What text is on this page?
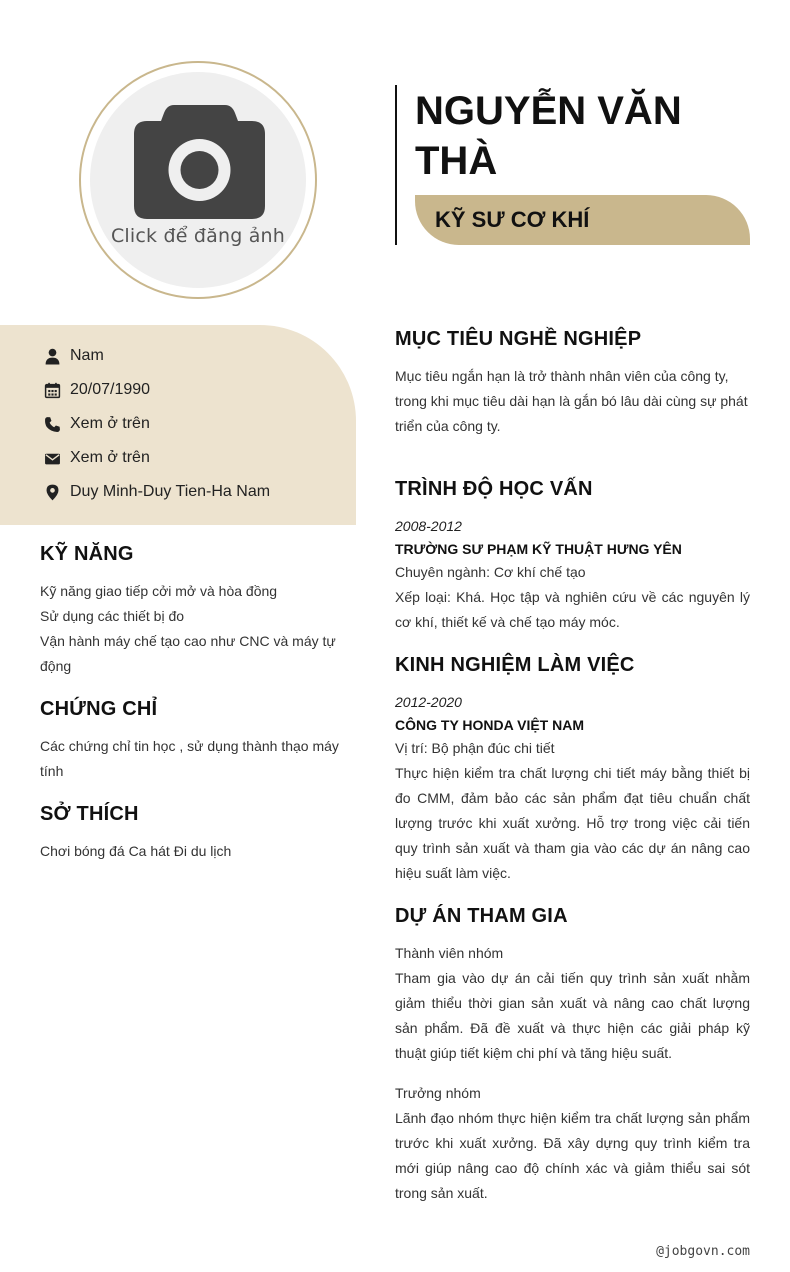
Click để đăng ảnh
NGUYỄN VĂN
THÀ
KỸ SƯ CƠ KHÍ
Nam
20/07/1990
Xem ở trên
Xem ở trên
Duy Minh-Duy Tien-Ha Nam
KỸ NĂNG
Kỹ năng giao tiếp cởi mở và hòa đồng
Sử dụng các thiết bị đo
Vận hành máy chế tạo cao như CNC và máy tự động
CHỨNG CHỈ
Các chứng chỉ tin học , sử dụng thành thạo máy tính
SỞ THÍCH
Chơi bóng đá Ca hát Đi du lịch
MỤC TIÊU NGHỀ NGHIỆP
Mục tiêu ngắn hạn là trở thành nhân viên của công ty, trong khi mục tiêu dài hạn là gắn bó lâu dài cùng sự phát triển của công ty.
TRÌNH ĐỘ HỌC VẤN
2008-2012
TRƯỜNG SƯ PHẠM KỸ THUẬT HƯNG YÊN
Chuyên ngành: Cơ khí chế tạo
Xếp loại: Khá. Học tập và nghiên cứu về các nguyên lý cơ khí, thiết kế và chế tạo máy móc.
KINH NGHIỆM LÀM VIỆC
2012-2020
CÔNG TY HONDA VIỆT NAM
Vị trí: Bộ phận đúc chi tiết
Thực hiện kiểm tra chất lượng chi tiết máy bằng thiết bị đo CMM, đảm bảo các sản phẩm đạt tiêu chuẩn chất lượng trước khi xuất xưởng. Hỗ trợ trong việc cải tiến quy trình sản xuất và tham gia vào các dự án nâng cao hiệu suất làm việc.
DỰ ÁN THAM GIA
Thành viên nhóm
Tham gia vào dự án cải tiến quy trình sản xuất nhằm giảm thiểu thời gian sản xuất và nâng cao chất lượng sản phẩm. Đã đề xuất và thực hiện các giải pháp kỹ thuật giúp tiết kiệm chi phí và tăng hiệu suất.
Trưởng nhóm
Lãnh đạo nhóm thực hiện kiểm tra chất lượng sản phẩm trước khi xuất xưởng. Đã xây dựng quy trình kiểm tra mới giúp nâng cao độ chính xác và giảm thiểu sai sót trong sản xuất.
@jobgovn.com
